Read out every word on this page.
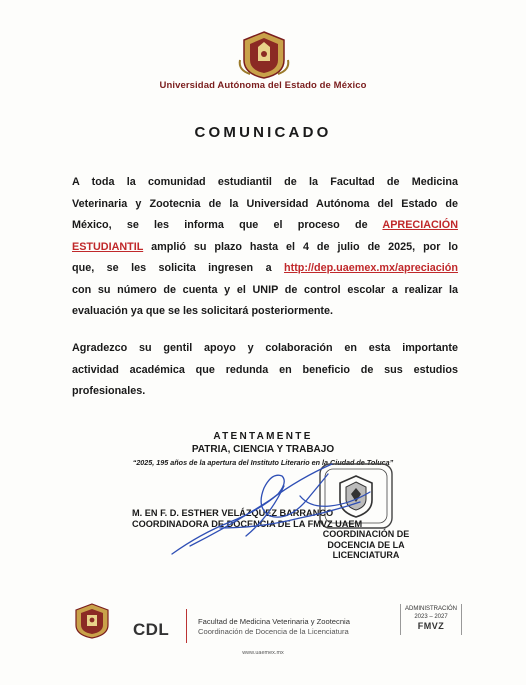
Universidad Autónoma del Estado de México
COMUNICADO
A toda la comunidad estudiantil de la Facultad de Medicina
Veterinaria y Zootecnia de la Universidad Autónoma del Estado de
México, se les informa que el proceso de APRECIACIÓN
ESTUDIANTIL amplió su plazo hasta el 4 de julio de 2025, por lo
que, se les solicita ingresen a http://dep.uaemex.mx/apreciación
con su número de cuenta y el UNIP de control escolar a realizar la
evaluación ya que se les solicitará posteriormente.
Agradezco su gentil apoyo y colaboración en esta importante
actividad académica que redunda en beneficio de sus estudios
profesionales.
ATENTAMENTE
PATRIA, CIENCIA Y TRABAJO
“2025, 195 años de la apertura del Instituto Literario en la Ciudad de Toluca”
M. EN F. D. ESTHER VELÁZQUEZ BARRANCO
COORDINADORA DE DOCENCIA DE LA FMVZ UAEM
COORDINACIÓN DE
DOCENCIA DE LA
LICENCIATURA
CDL	Facultad de Medicina Veterinaria y Zootecnia
Coordinación de Docencia de la Licenciatura
ADMINISTRACIÓN
2023 – 2027
FMVZ
www.uaemex.mx
